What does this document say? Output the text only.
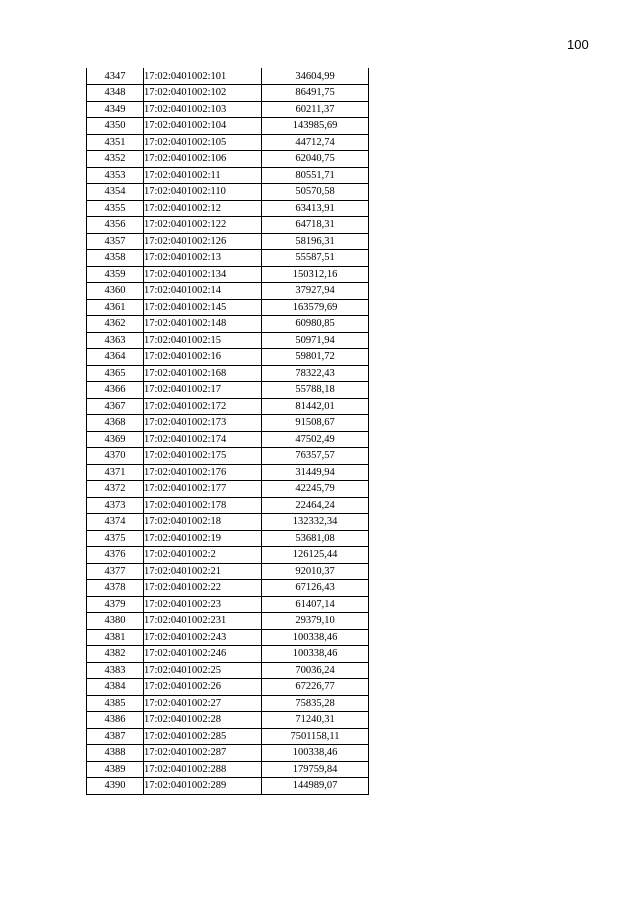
100
4347	17:02:0401002:101	34604,99
4348	17:02:0401002:102	86491,75
4349	17:02:0401002:103	60211,37
4350	17:02:0401002:104	143985,69
4351	17:02:0401002:105	44712,74
4352	17:02:0401002:106	62040,75
4353	17:02:0401002:11	80551,71
4354	17:02:0401002:110	50570,58
4355	17:02:0401002:12	63413,91
4356	17:02:0401002:122	64718,31
4357	17:02:0401002:126	58196,31
4358	17:02:0401002:13	55587,51
4359	17:02:0401002:134	150312,16
4360	17:02:0401002:14	37927,94
4361	17:02:0401002:145	163579,69
4362	17:02:0401002:148	60980,85
4363	17:02:0401002:15	50971,94
4364	17:02:0401002:16	59801,72
4365	17:02:0401002:168	78322,43
4366	17:02:0401002:17	55788,18
4367	17:02:0401002:172	81442,01
4368	17:02:0401002:173	91508,67
4369	17:02:0401002:174	47502,49
4370	17:02:0401002:175	76357,57
4371	17:02:0401002:176	31449,94
4372	17:02:0401002:177	42245,79
4373	17:02:0401002:178	22464,24
4374	17:02:0401002:18	132332,34
4375	17:02:0401002:19	53681,08
4376	17:02:0401002:2	126125,44
4377	17:02:0401002:21	92010,37
4378	17:02:0401002:22	67126,43
4379	17:02:0401002:23	61407,14
4380	17:02:0401002:231	29379,10
4381	17:02:0401002:243	100338,46
4382	17:02:0401002:246	100338,46
4383	17:02:0401002:25	70036,24
4384	17:02:0401002:26	67226,77
4385	17:02:0401002:27	75835,28
4386	17:02:0401002:28	71240,31
4387	17:02:0401002:285	7501158,11
4388	17:02:0401002:287	100338,46
4389	17:02:0401002:288	179759,84
4390	17:02:0401002:289	144989,07
